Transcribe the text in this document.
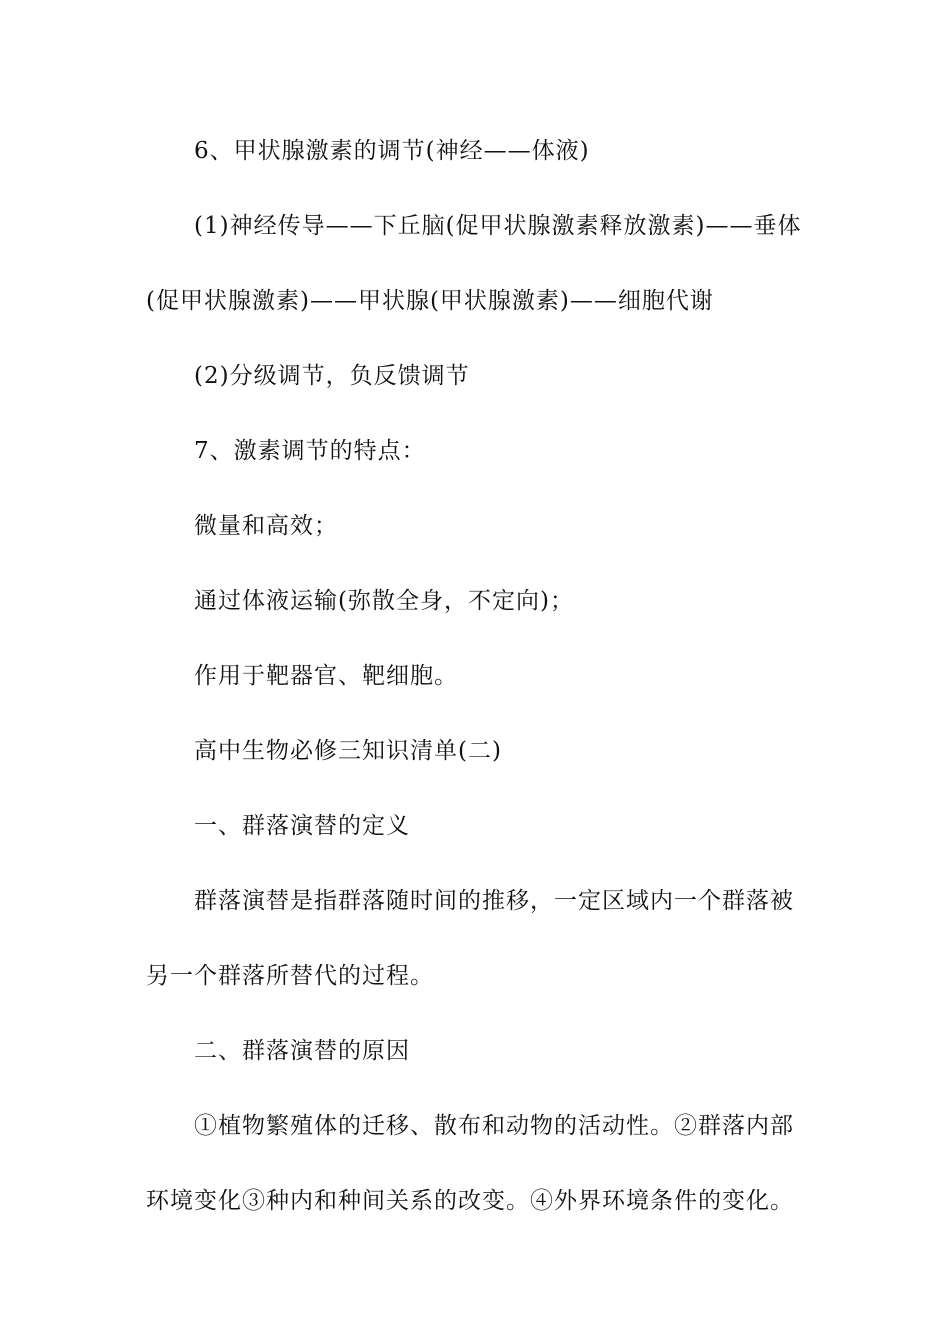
6、甲状腺激素的调节(神经——体液)
(1)神经传导——下丘脑(促甲状腺激素释放激素)——垂体
(促甲状腺激素)——甲状腺(甲状腺激素)——细胞代谢
(2)分级调节，负反馈调节
7、激素调节的特点：
微量和高效；
通过体液运输(弥散全身，不定向)；
作用于靶器官、靶细胞。
高中生物必修三知识清单(二)
一、群落演替的定义
群落演替是指群落随时间的推移，一定区域内一个群落被
另一个群落所替代的过程。
二、群落演替的原因
①植物繁殖体的迁移、散布和动物的活动性。②群落内部
环境变化③种内和种间关系的改变。④外界环境条件的变化。
